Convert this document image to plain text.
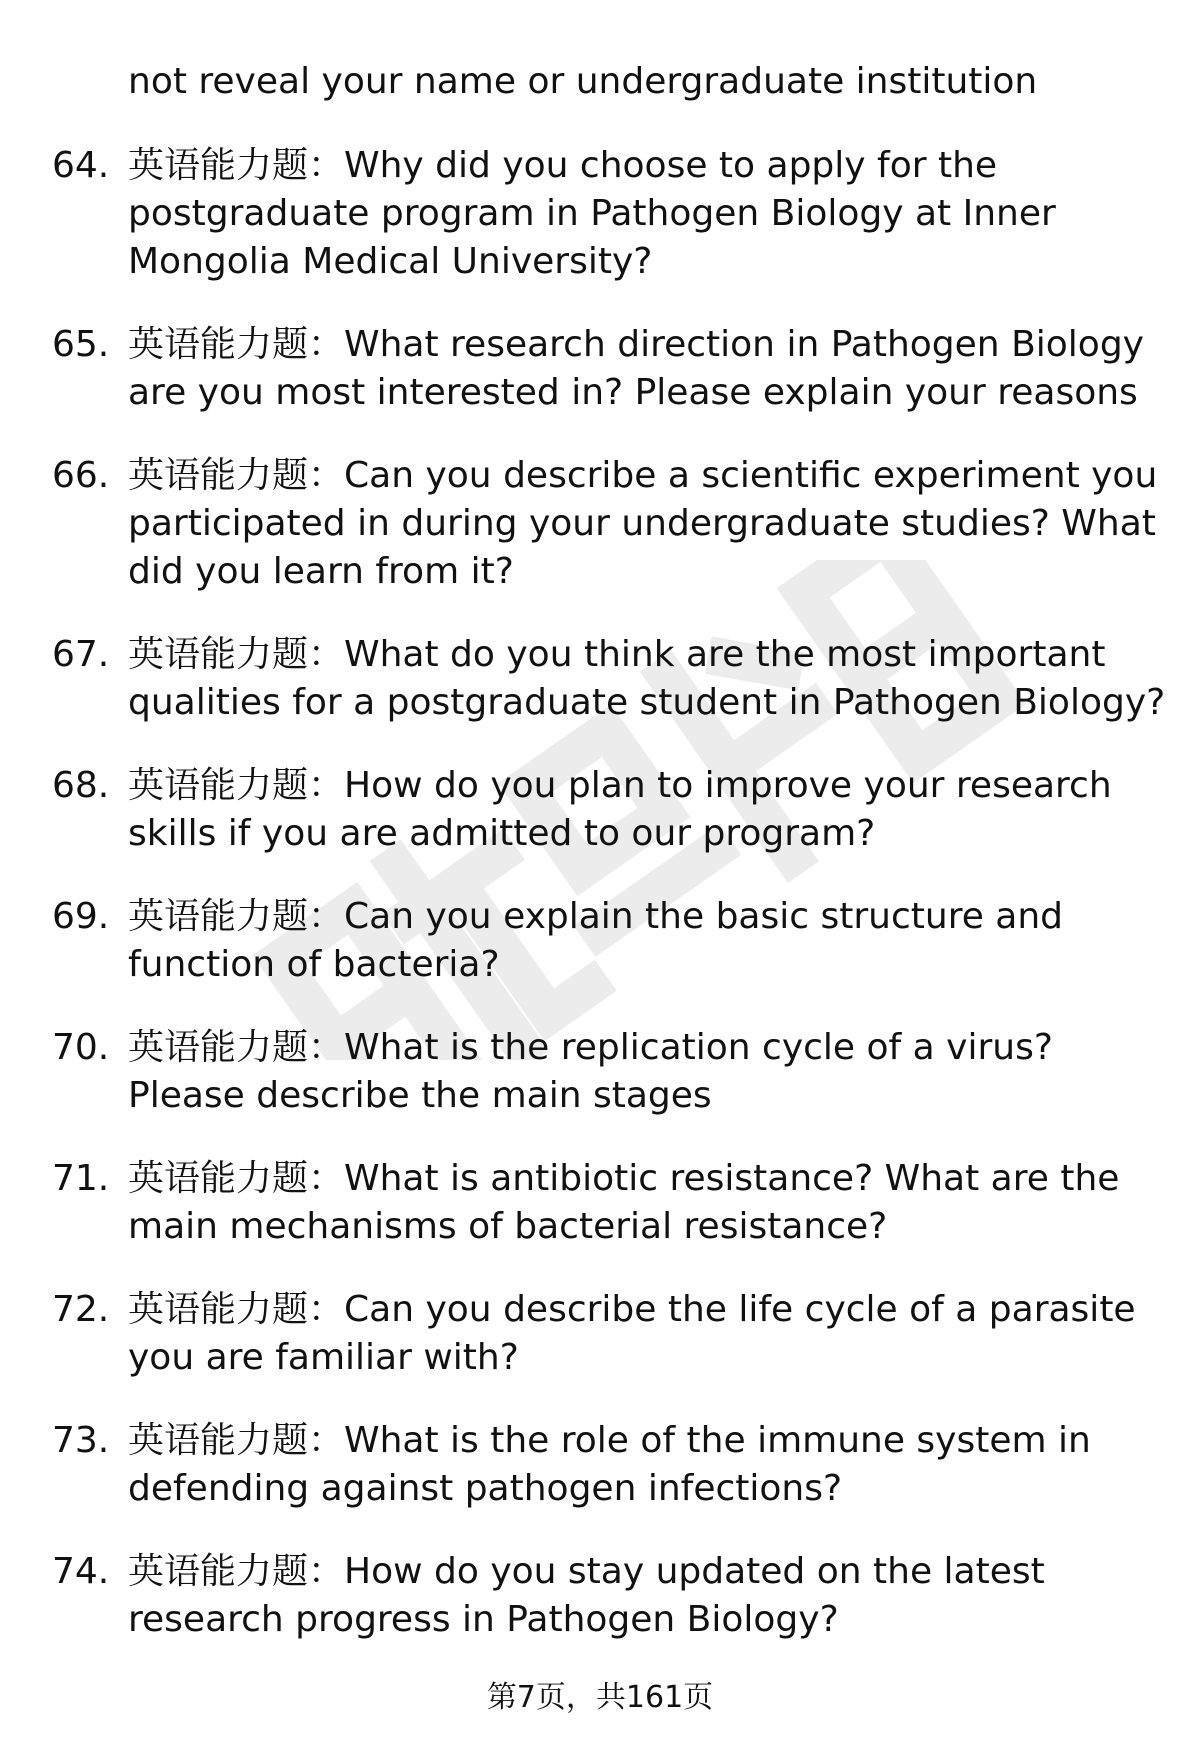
not reveal your name or undergraduate institution

64. 英语能力题：Why did you choose to apply for the postgraduate program in Pathogen Biology at Inner Mongolia Medical University?
65. 英语能力题：What research direction in Pathogen Biology are you most interested in? Please explain your reasons
66. 英语能力题：Can you describe a scientific experiment you participated in during your undergraduate studies? What did you learn from it?
67. 英语能力题：What do you think are the most important qualities for a postgraduate student in Pathogen Biology?
68. 英语能力题：How do you plan to improve your research skills if you are admitted to our program?
69. 英语能力题：Can you explain the basic structure and function of bacteria?
70. 英语能力题：What is the replication cycle of a virus? Please describe the main stages
71. 英语能力题：What is antibiotic resistance? What are the main mechanisms of bacterial resistance?
72. 英语能力题：Can you describe the life cycle of a parasite you are familiar with?
73. 英语能力题：What is the role of the immune system in defending against pathogen infections?
74. 英语能力题：How do you stay updated on the latest research progress in Pathogen Biology?
第7页，共161页
